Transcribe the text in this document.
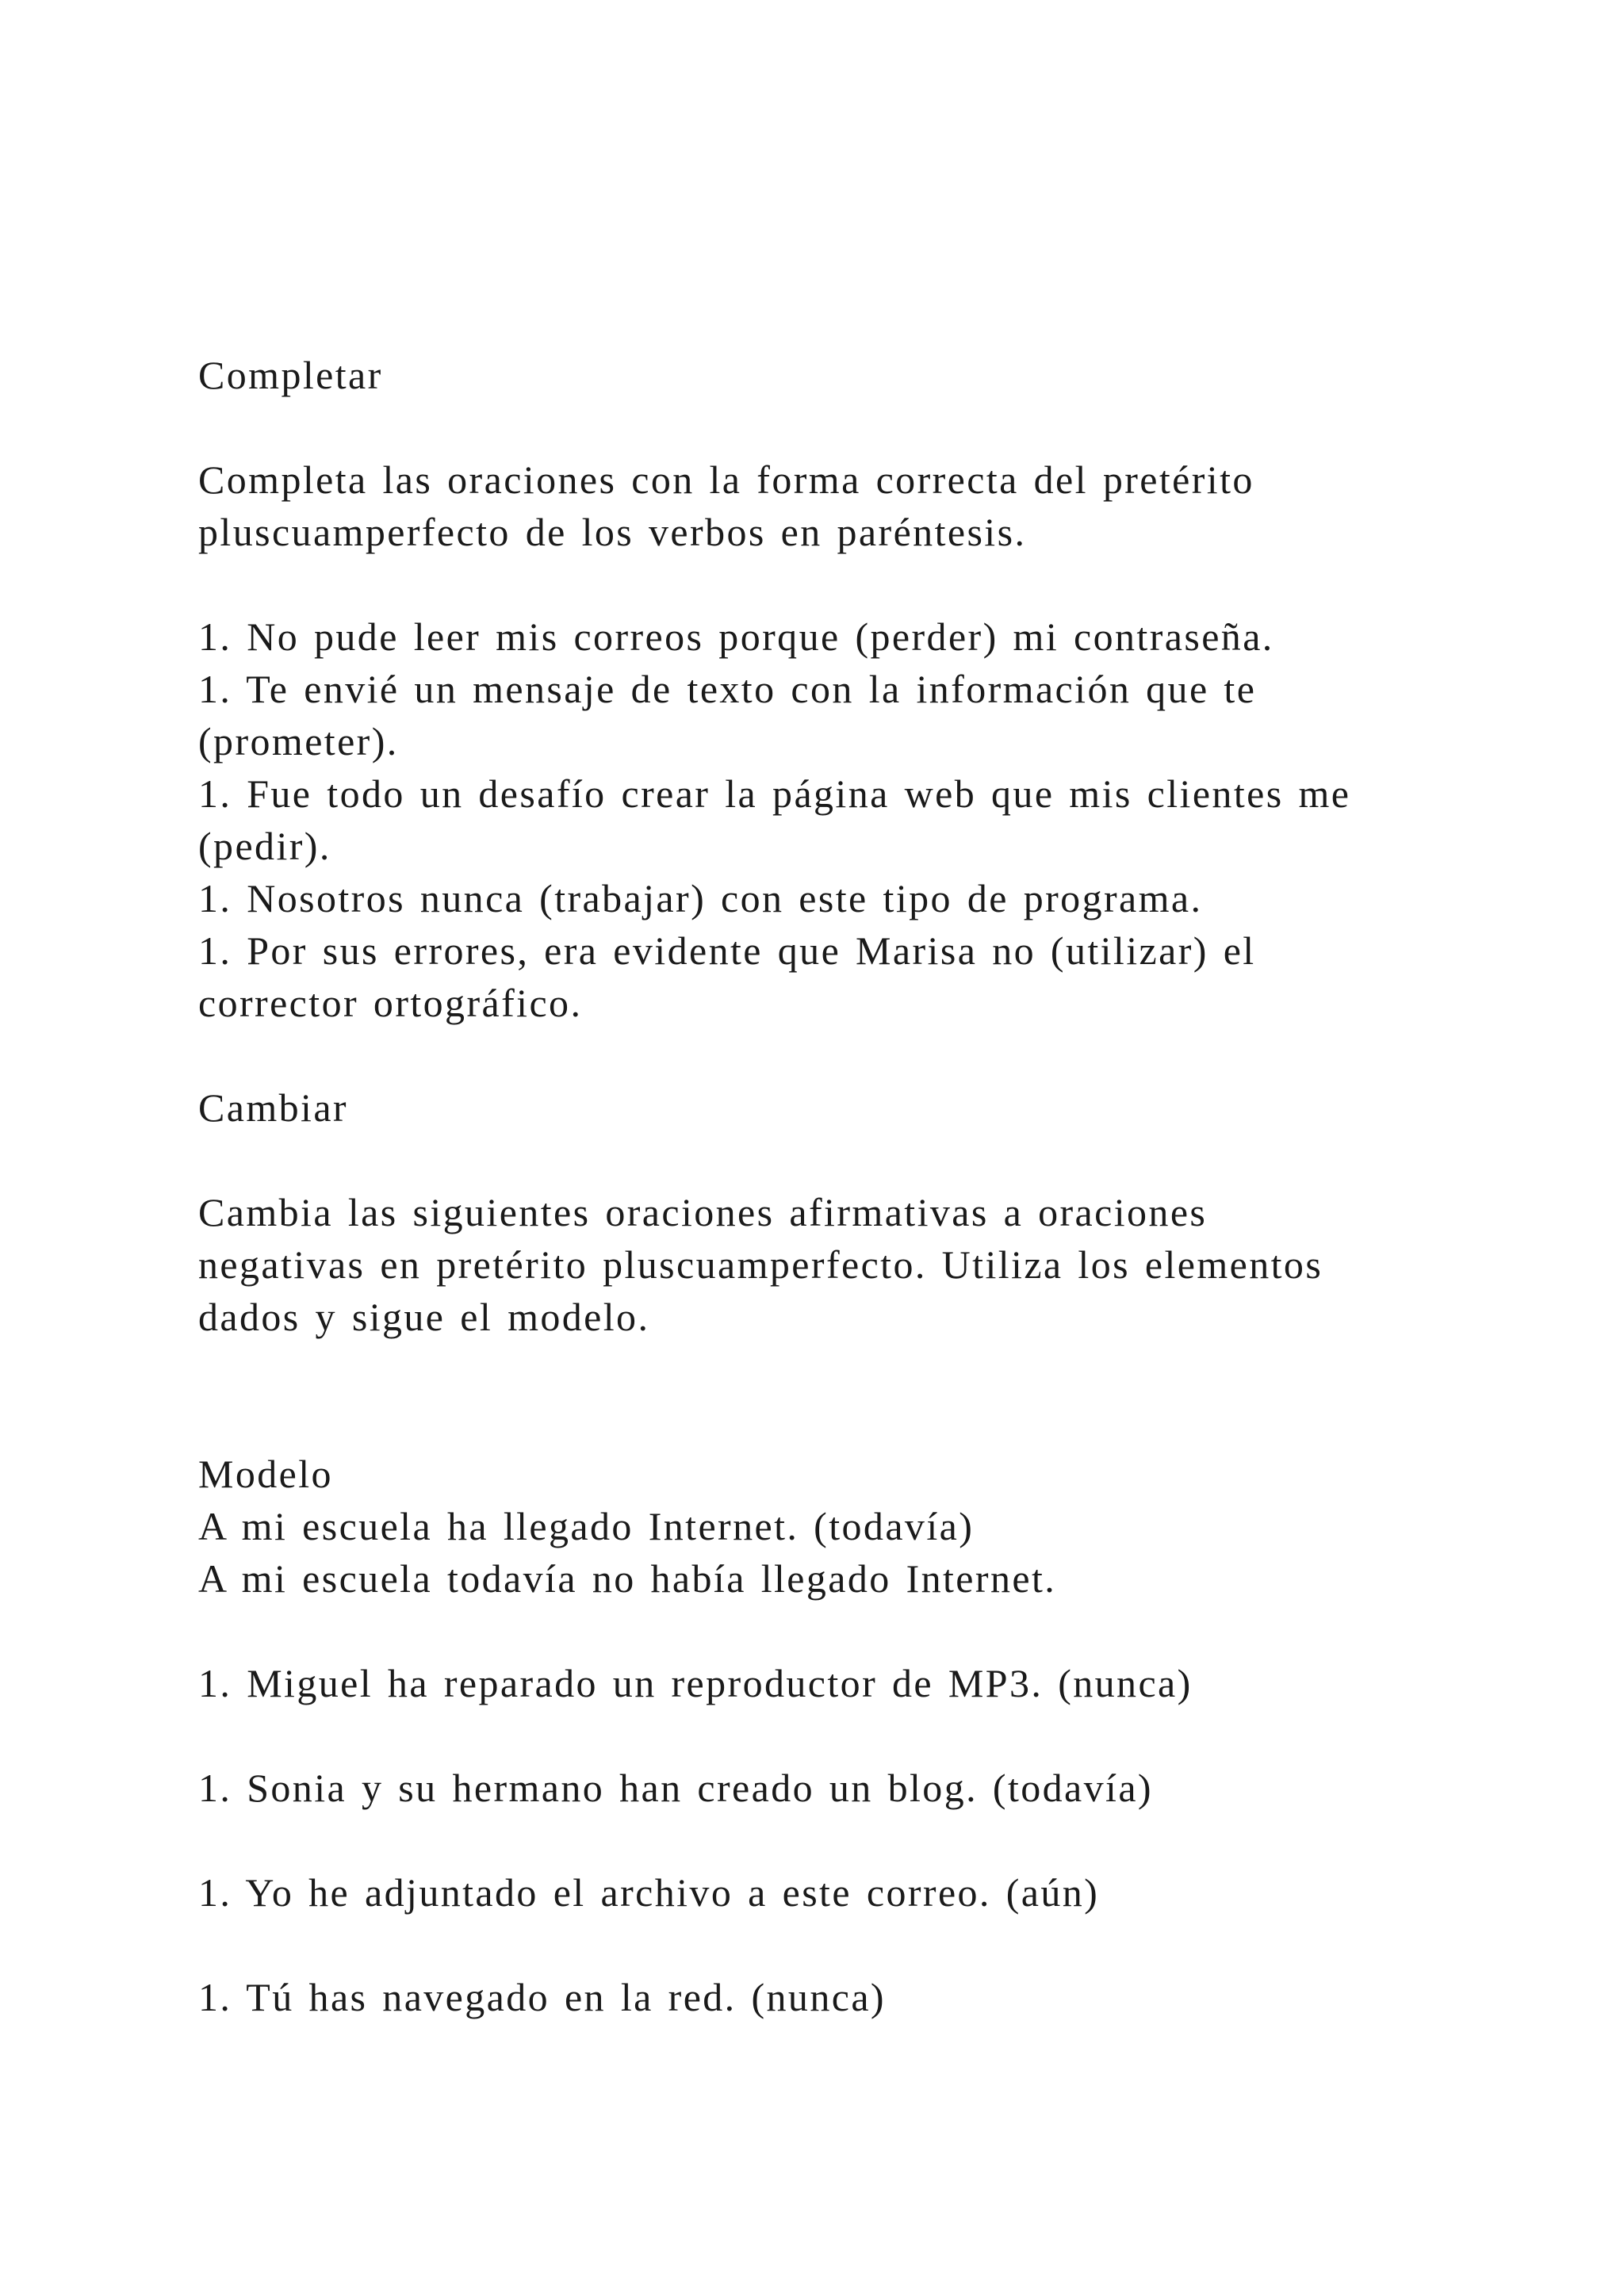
Completar
Completa las oraciones con la forma correcta del pretérito
pluscuamperfecto de los verbos en paréntesis.
1. No pude leer mis correos porque (perder) mi contraseña.
1. Te envié un mensaje de texto con la información que te
(prometer).
1. Fue todo un desafío crear la página web que mis clientes me
(pedir).
1. Nosotros nunca (trabajar) con este tipo de programa.
1. Por sus errores, era evidente que Marisa no (utilizar) el
corrector ortográfico.
Cambiar
Cambia las siguientes oraciones afirmativas a oraciones
negativas en pretérito pluscuamperfecto. Utiliza los elementos
dados y sigue el modelo.
Modelo
A mi escuela ha llegado Internet. (todavía)
A mi escuela todavía no había llegado Internet.
1. Miguel ha reparado un reproductor de MP3. (nunca)
1. Sonia y su hermano han creado un blog. (todavía)
1. Yo he adjuntado el archivo a este correo. (aún)
1. Tú has navegado en la red. (nunca)
